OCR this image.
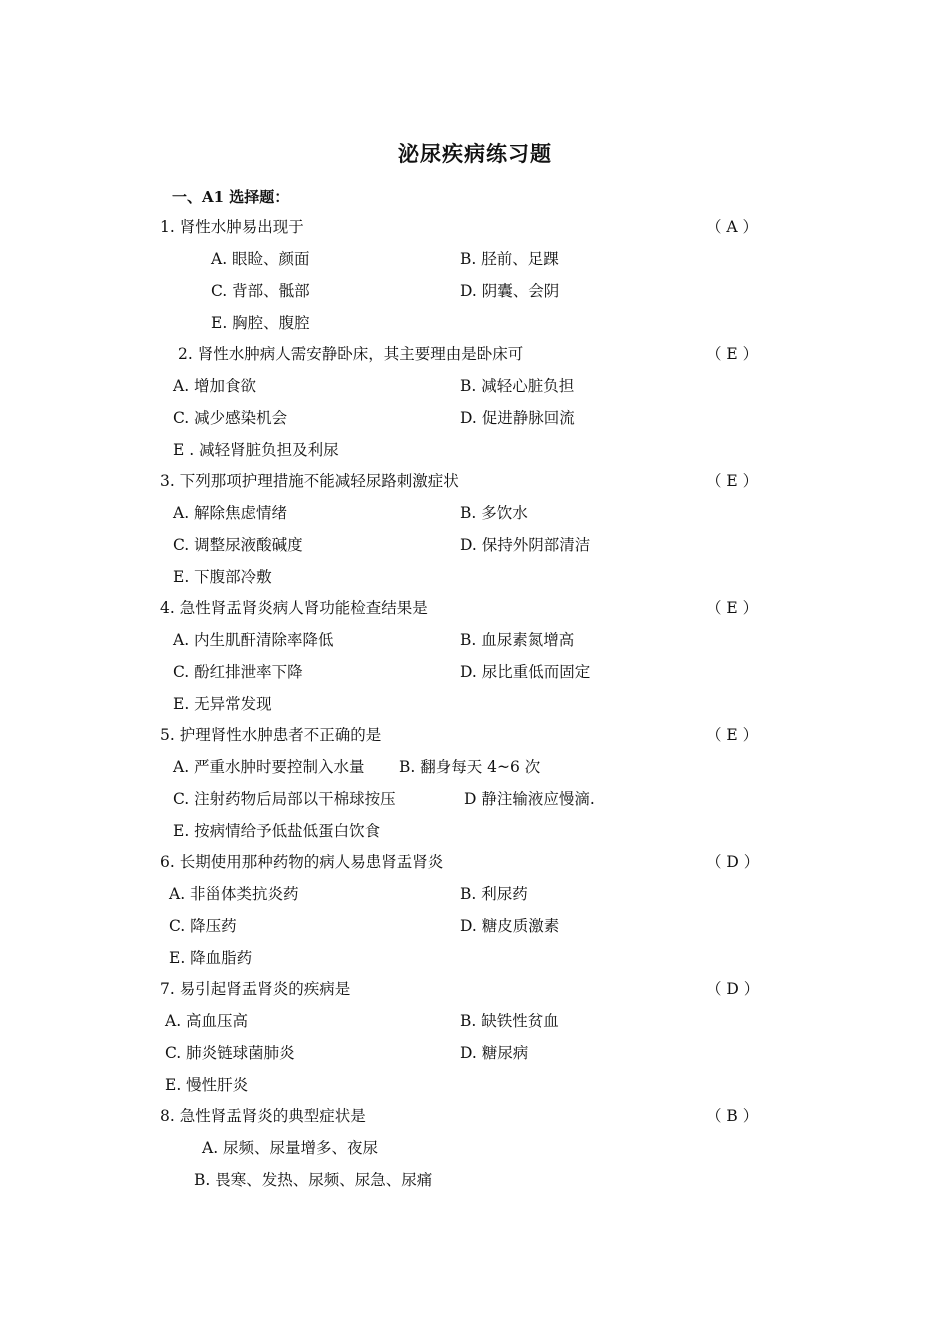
泌尿疾病练习题
一、A1 选择题：
1. 肾性水肿易出现于	（ A ）
A. 眼睑、颜面	B. 胫前、足踝
C. 背部、骶部	D. 阴囊、会阴
E. 胸腔、腹腔
2. 肾性水肿病人需安静卧床，其主要理由是卧床可	（ E ）
A. 增加食欲	B. 减轻心脏负担
C. 减少感染机会	D. 促进静脉回流
E . 减轻肾脏负担及利尿
3. 下列那项护理措施不能减轻尿路刺激症状	（ E ）
A. 解除焦虑情绪	B. 多饮水
C. 调整尿液酸碱度	D. 保持外阴部清洁
E. 下腹部冷敷
4. 急性肾盂肾炎病人肾功能检查结果是	（ E ）
A. 内生肌酐清除率降低	B. 血尿素氮增高
C. 酚红排泄率下降	D. 尿比重低而固定
E. 无异常发现
5. 护理肾性水肿患者不正确的是	（ E ）
A. 严重水肿时要控制入水量 B. 翻身每天 4~6 次
C. 注射药物后局部以干棉球按压	D 静注输液应慢滴.
E. 按病情给予低盐低蛋白饮食
6. 长期使用那种药物的病人易患肾盂肾炎	（ D ）
A. 非甾体类抗炎药	B. 利尿药
C. 降压药	D. 糖皮质激素
E. 降血脂药
7. 易引起肾盂肾炎的疾病是	（ D ）
A. 高血压高	B. 缺铁性贫血
C. 肺炎链球菌肺炎	D. 糖尿病
E. 慢性肝炎
8. 急性肾盂肾炎的典型症状是	（ B ）
A. 尿频、尿量增多、夜尿
B. 畏寒、发热、尿频、尿急、尿痛
